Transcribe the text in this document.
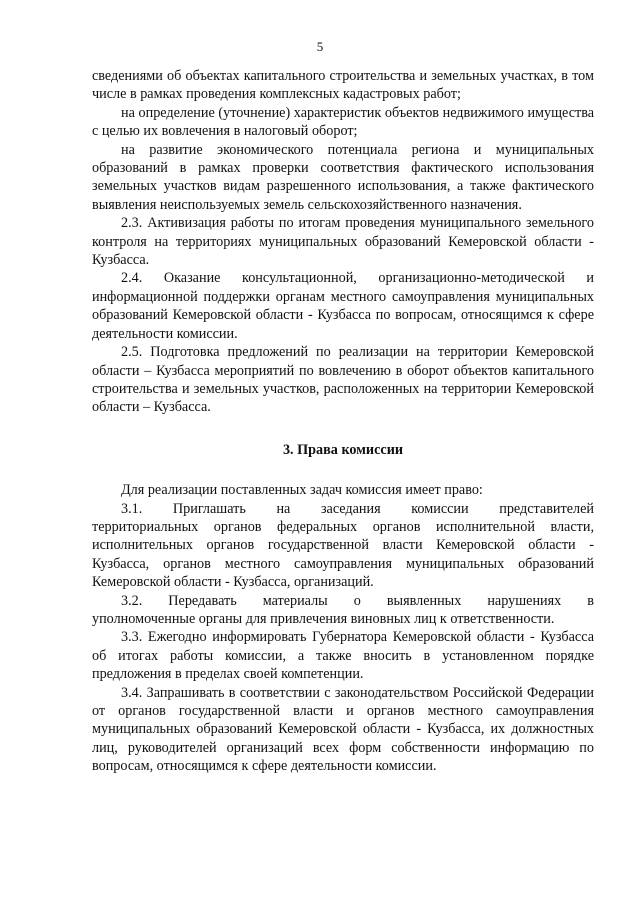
5

сведениями об объектах капитального строительства и земельных участках, в том числе в рамках проведения комплексных кадастровых работ;

на определение (уточнение) характеристик объектов недвижимого имущества с целью их вовлечения в налоговый оборот;

на развитие экономического потенциала региона и муниципальных образований в рамках проверки соответствия фактического использования земельных участков видам разрешенного использования, а также фактического выявления неиспользуемых земель сельскохозяйственного назначения.

2.3. Активизация работы по итогам проведения муниципального земельного контроля на территориях муниципальных образований Кемеровской области - Кузбасса.

2.4. Оказание консультационной, организационно-методической и информационной поддержки органам местного самоуправления муниципальных образований Кемеровской области - Кузбасса по вопросам, относящимся к сфере деятельности комиссии.

2.5. Подготовка предложений по реализации на территории Кемеровской области – Кузбасса мероприятий по вовлечению в оборот объектов капитального строительства и земельных участков, расположенных на территории Кемеровской области – Кузбасса.

3. Права комиссии

Для реализации поставленных задач комиссия имеет право:

3.1. Приглашать на заседания комиссии представителей

территориальных органов федеральных органов исполнительной власти, исполнительных органов государственной власти Кемеровской области - Кузбасса, органов местного самоуправления муниципальных образований Кемеровской области - Кузбасса, организаций.

3.2. Передавать материалы о выявленных нарушениях в

уполномоченные органы для привлечения виновных лиц к ответственности.

3.3. Ежегодно информировать Губернатора Кемеровской области - Кузбасса об итогах работы комиссии, а также вносить в установленном порядке предложения в пределах своей компетенции.

3.4. Запрашивать в соответствии с законодательством Российской Федерации от органов государственной власти и органов местного самоуправления муниципальных образований Кемеровской области - Кузбасса, их должностных лиц, руководителей организаций всех форм собственности информацию по вопросам, относящимся к сфере деятельности комиссии.
